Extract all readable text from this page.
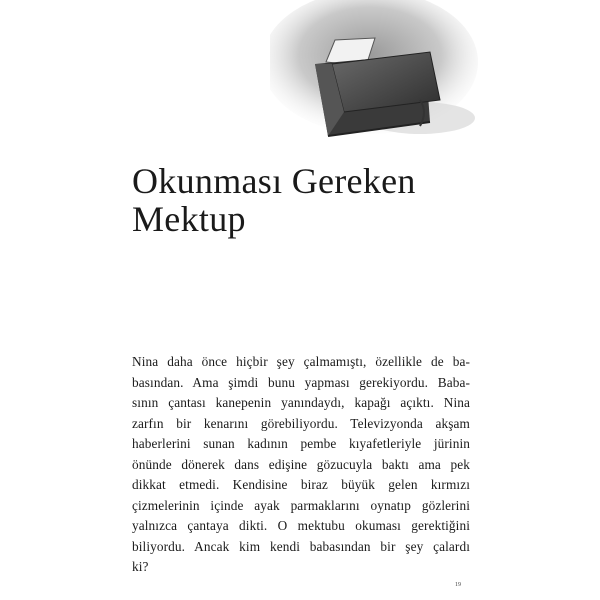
Okunması Gereken
Mektup
Nina daha önce hiçbir şey çalmamıştı, özellikle de ba-
basından. Ama şimdi bunu yapması gerekiyordu. Baba-
sının çantası kanepenin yanındaydı, kapağı açıktı. Nina
zarfın bir kenarını görebiliyordu. Televizyonda akşam
haberlerini sunan kadının pembe kıyafetleriyle jürinin
önünde dönerek dans edişine gözucuyla baktı ama pek
dikkat etmedi. Kendisine biraz büyük gelen kırmızı
çizmelerinin içinde ayak parmaklarını oynatıp gözlerini
yalnızca çantaya dikti. O mektubu okuması gerektiğini
biliyordu. Ancak kim kendi babasından bir şey çalardı
ki?
19
